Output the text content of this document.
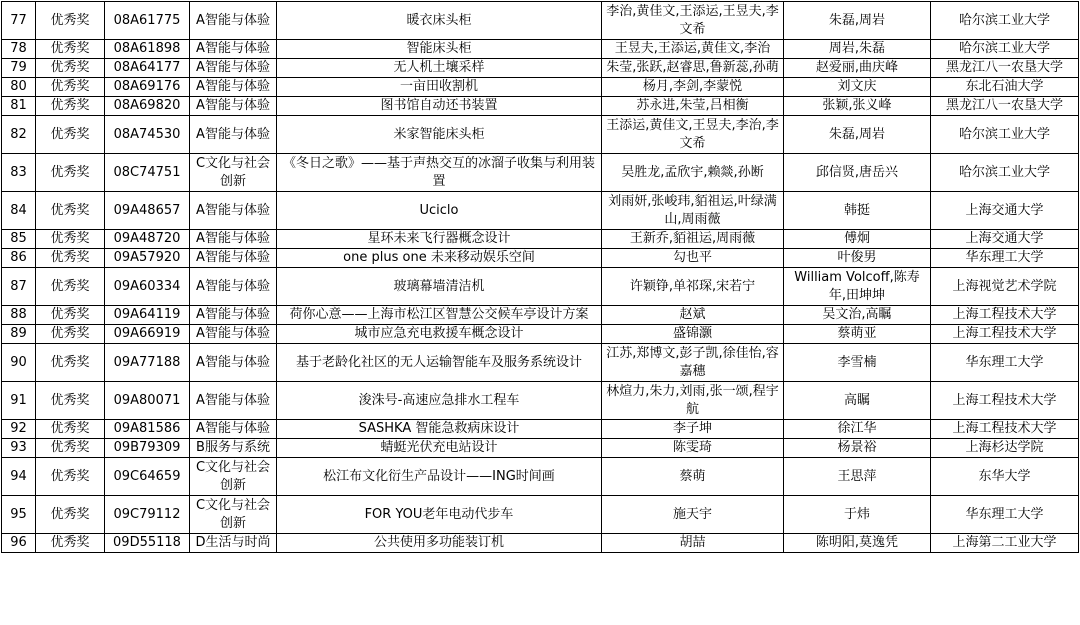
77	优秀奖	08A61775	A智能与体验	暖衣床头柜	李治,黄佳文,王添运,王昱夫,李文希	朱磊,周岩	哈尔滨工业大学
78	优秀奖	08A61898	A智能与体验	智能床头柜	王昱夫,王添运,黄佳文,李治	周岩,朱磊	哈尔滨工业大学
79	优秀奖	08A64177	A智能与体验	无人机土壤采样	朱莹,张跃,赵睿思,鲁新蕊,孙萌	赵爱丽,曲庆峰	黑龙江八一农垦大学
80	优秀奖	08A69176	A智能与体验	一亩田收割机	杨月,李剑,李蒙悦	刘文庆	东北石油大学
81	优秀奖	08A69820	A智能与体验	图书馆自动还书装置	苏永进,朱莹,吕相衡	张颖,张义峰	黑龙江八一农垦大学
82	优秀奖	08A74530	A智能与体验	米家智能床头柜	王添运,黄佳文,王昱夫,李治,李文希	朱磊,周岩	哈尔滨工业大学
83	优秀奖	08C74751	C文化与社会创新	《冬日之歌》——基于声热交互的冰溜子收集与利用装置	吴胜龙,孟欣宇,赖燚,孙断	邱信贤,唐岳兴	哈尔滨工业大学
84	优秀奖	09A48657	A智能与体验	Uciclo	刘雨妍,张峻玮,貊祖运,叶绿满山,周雨薇	韩挺	上海交通大学
85	优秀奖	09A48720	A智能与体验	星环未来飞行器概念设计	王新乔,貊祖运,周雨薇	傅炯	上海交通大学
86	优秀奖	09A57920	A智能与体验	one plus one 未来移动娱乐空间	勾也平	叶俊男	华东理工大学
87	优秀奖	09A60334	A智能与体验	玻璃幕墙清洁机	许颖铮,单祁琛,宋若宁	William Volcoff,陈寿年,田坤坤	上海视觉艺术学院
88	优秀奖	09A64119	A智能与体验	荷你心意——上海市松江区智慧公交候车亭设计方案	赵斌	吴文治,高瞩	上海工程技术大学
89	优秀奖	09A66919	A智能与体验	城市应急充电救援车概念设计	盛锦灏	蔡萌亚	上海工程技术大学
90	优秀奖	09A77188	A智能与体验	基于老龄化社区的无人运输智能车及服务系统设计	江苏,郑博文,彭子凯,徐佳怡,容嘉穗	李雪楠	华东理工大学
91	优秀奖	09A80071	A智能与体验	浚洙号-高速应急排水工程车	林煊力,朱力,刘雨,张一颂,程宇航	高瞩	上海工程技术大学
92	优秀奖	09A81586	A智能与体验	SASHKA 智能急救病床设计	李子坤	徐江华	上海工程技术大学
93	优秀奖	09B79309	B服务与系统	蜻蜓光伏充电站设计	陈雯琦	杨景裕	上海杉达学院
94	优秀奖	09C64659	C文化与社会创新	松江布文化衍生产品设计——ING时间画	蔡萌	王思萍	东华大学
95	优秀奖	09C79112	C文化与社会创新	FOR YOU老年电动代步车	施天宇	于炜	华东理工大学
96	优秀奖	09D55118	D生活与时尚	公共使用多功能装订机	胡喆	陈明阳,莫逸凭	上海第二工业大学
